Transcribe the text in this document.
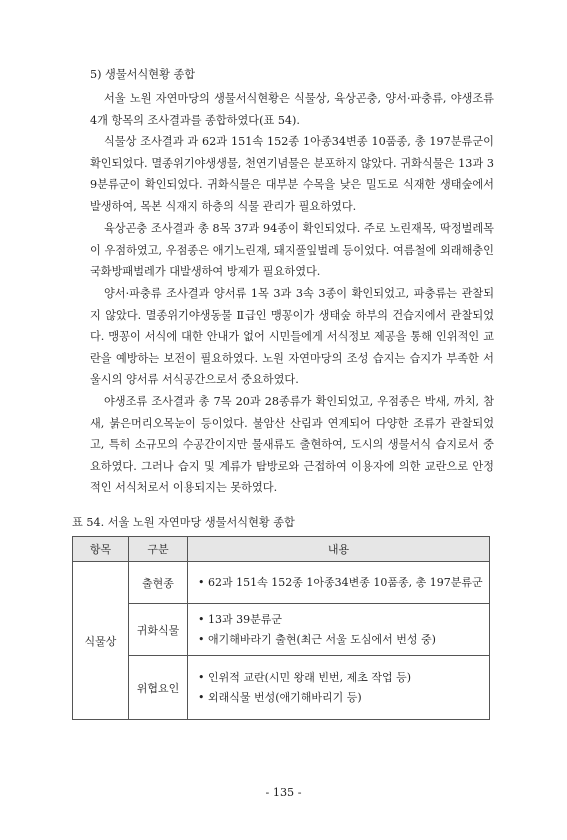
5) 생물서식현황 종합

서울 노원 자연마당의 생물서식현황은 식물상, 육상곤충, 양서·파충류, 야생조류 4개 항목의 조사결과를 종합하였다(표 54).

식물상 조사결과 과 62과 151속 152종 1아종34변종 10품종, 총 197분류군이 확인되었다. 멸종위기야생생물, 천연기념물은 분포하지 않았다. 귀화식물은 13과 39분류군이 확인되었다. 귀화식물은 대부분 수목을 낮은 밀도로 식재한 생태숲에서 발생하여, 목본 식재지 하층의 식물 관리가 필요하였다.

육상곤충 조사결과 총 8목 37과 94종이 확인되었다. 주로 노린재목, 딱정벌레목이 우점하였고, 우점종은 애기노린재, 돼지풀잎벌레 등이었다. 여름철에 외래해충인 국화방패벌레가 대발생하여 방제가 필요하였다.

양서·파충류 조사결과 양서류 1목 3과 3속 3종이 확인되었고, 파충류는 관찰되지 않았다. 멸종위기야생동물 Ⅱ급인 맹꽁이가 생태숲 하부의 건습지에서 관찰되었다. 맹꽁이 서식에 대한 안내가 없어 시민들에게 서식정보 제공을 통해 인위적인 교란을 예방하는 보전이 필요하였다. 노원 자연마당의 조성 습지는 습지가 부족한 서울시의 양서류 서식공간으로서 중요하였다.

야생조류 조사결과 총 7목 20과 28종류가 확인되었고, 우점종은 박새, 까치, 참새, 붉은머리오목눈이 등이었다. 불암산 산림과 연계되어 다양한 조류가 관찰되었고, 특히 소규모의 수공간이지만 물새류도 출현하여, 도시의 생물서식 습지로서 중요하였다. 그러나 습지 및 계류가 탐방로와 근접하여 이용자에 의한 교란으로 안정적인 서식처로서 이용되지는 못하였다.

표 54. 서울 노원 자연마당 생물서식현황 종합
항목	구분	내용
식물상	출현종	• 62과 151속 152종 1아종34변종 10품종, 총 197분류군

	귀화식물	• 13과 39분류군
• 애기해바라기 출현(최근 서울 도심에서 번성 중)

	위협요인	• 인위적 교란(시민 왕래 빈번, 제초 작업 등)
• 외래식물 번성(애기해바리기 등)
- 135 -
